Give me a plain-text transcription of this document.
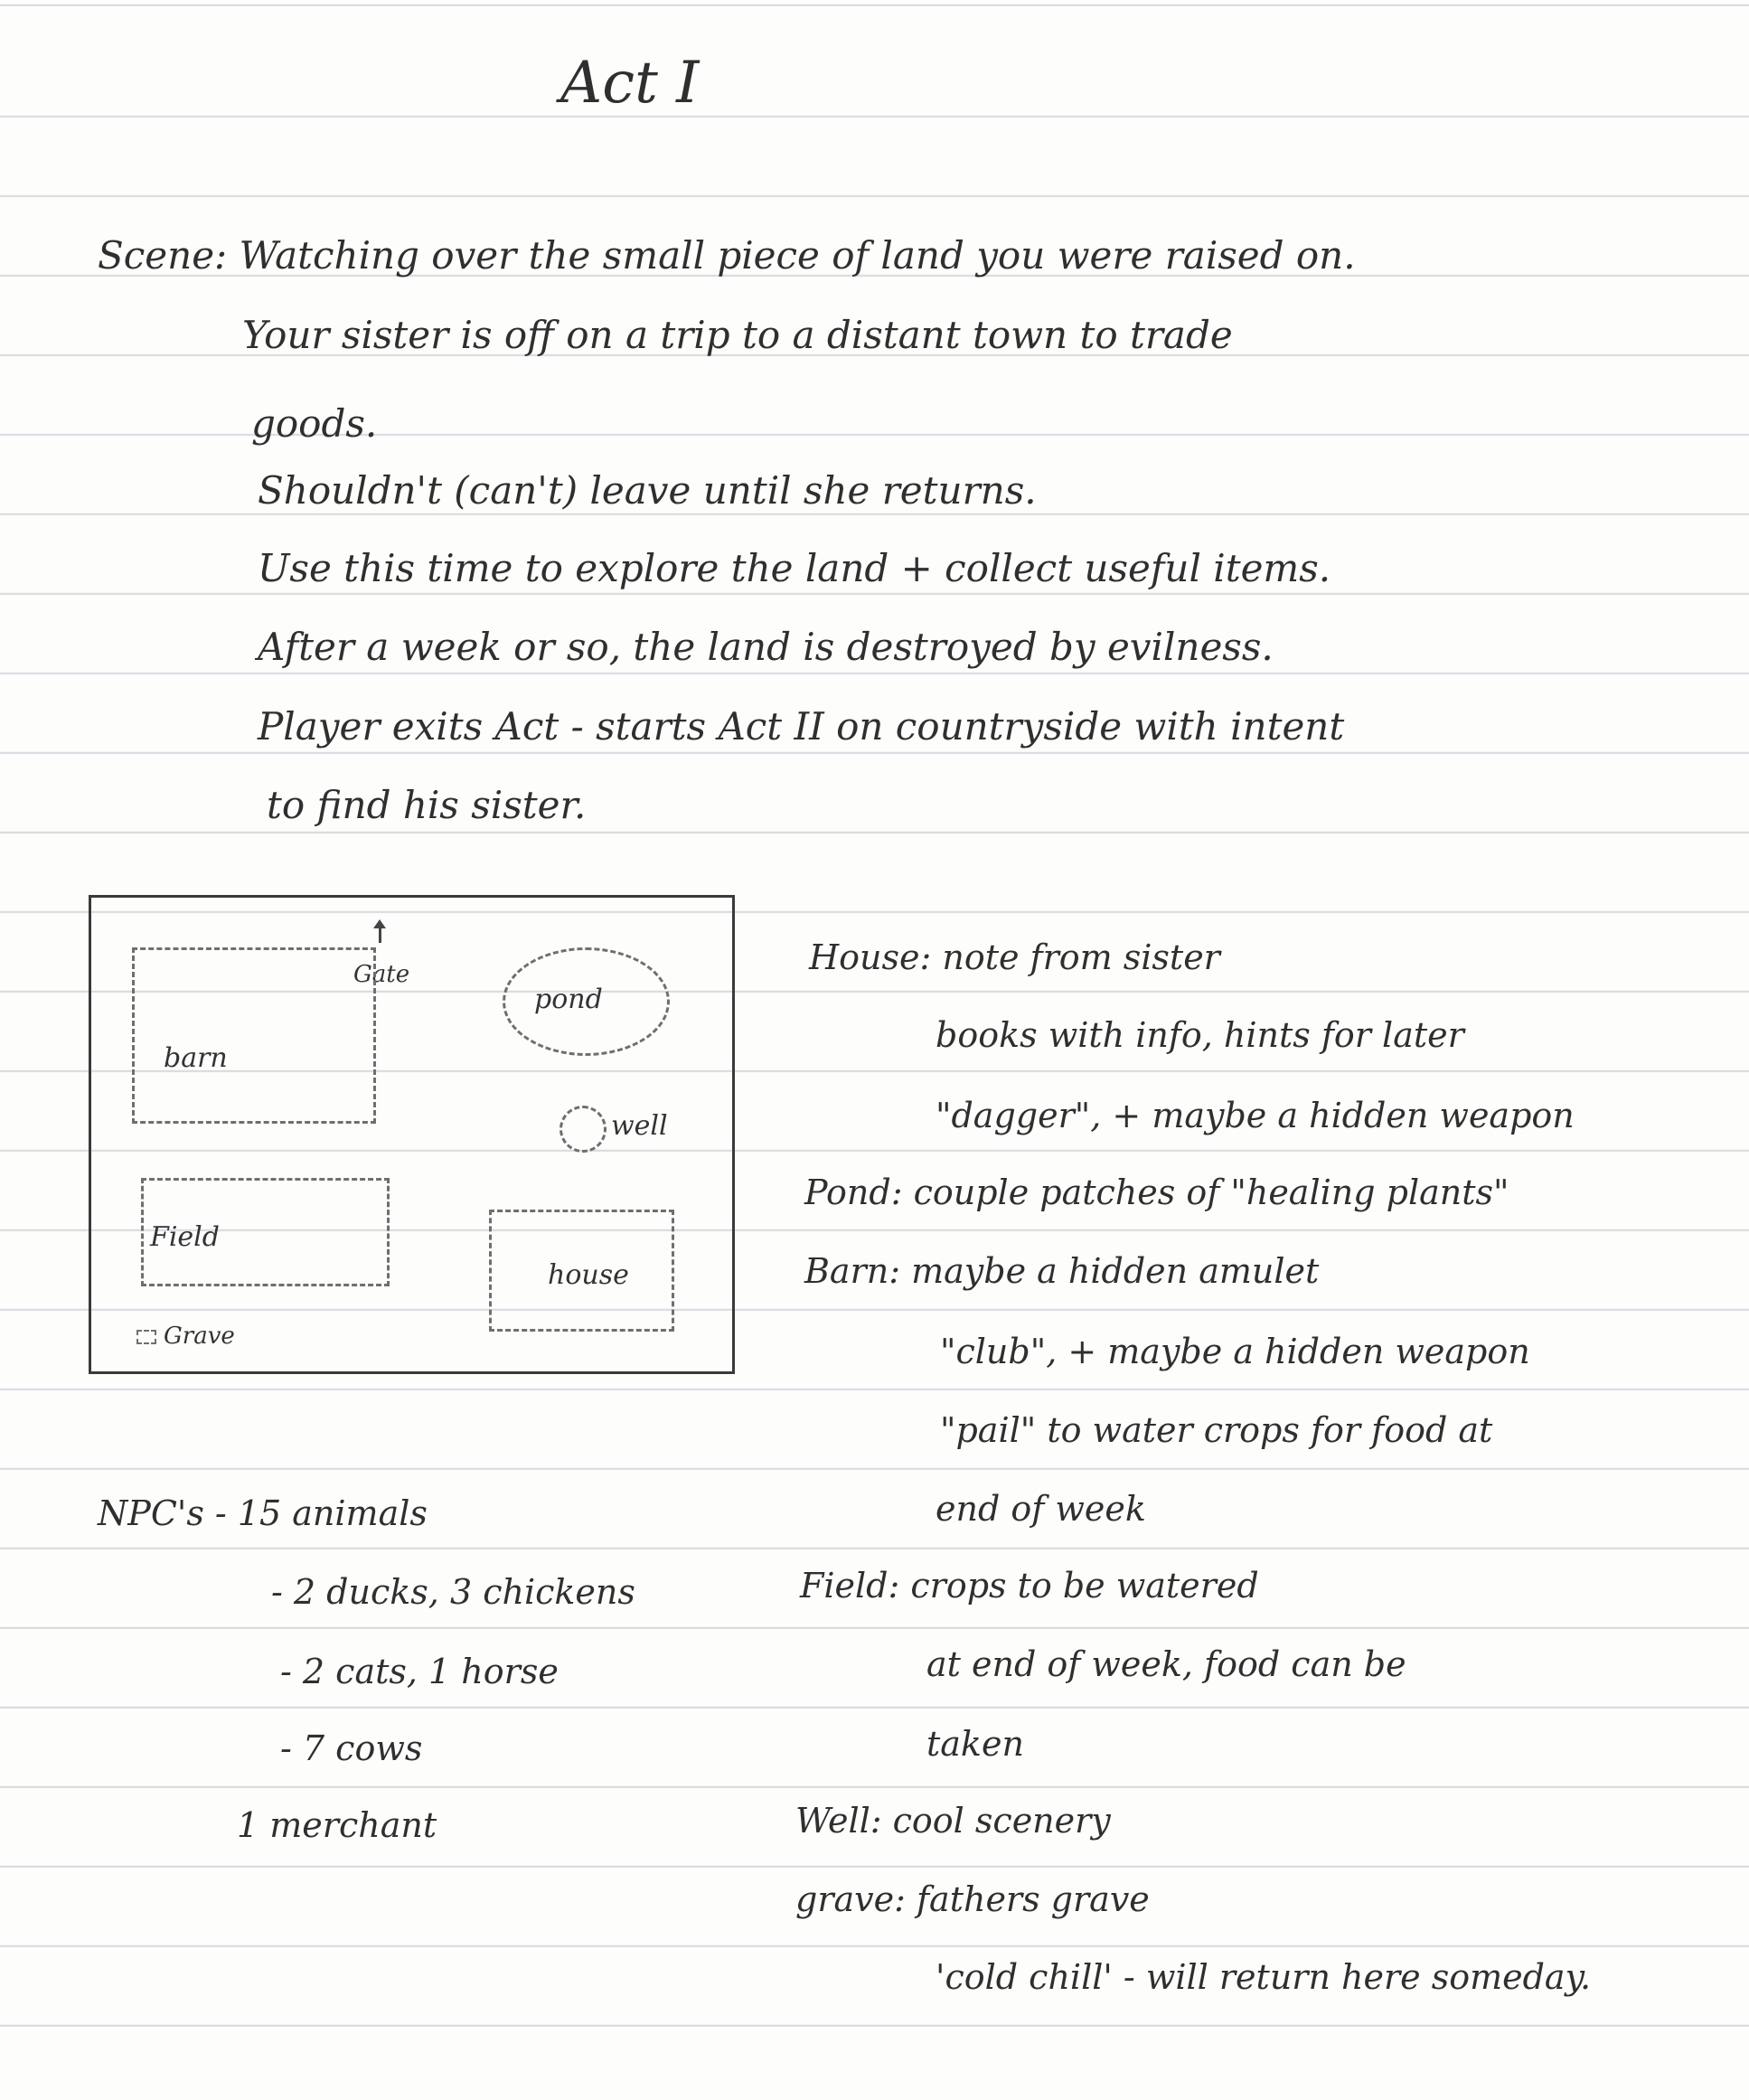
Act I
Scene: Watching over the small piece of land you were raised on.
Your sister is off on a trip to a distant town to trade
goods.
Shouldn't (can't) leave until she returns.
Use this time to explore the land + collect useful items.
After a week or so, the land is destroyed by evilness.
Player exits Act - starts Act II on countryside with intent
to find his sister.
Gate
barn
pond
well
Field
house
Grave
House: note from sister
books with info, hints for later
"dagger", + maybe a hidden weapon
Pond: couple patches of "healing plants"
Barn: maybe a hidden amulet
"club", + maybe a hidden weapon
"pail" to water crops for food at
end of week
Field: crops to be watered
at end of week, food can be
taken
Well: cool scenery
grave: fathers grave
'cold chill' - will return here someday.
NPC's - 15 animals
- 2 ducks, 3 chickens
- 2 cats, 1 horse
- 7 cows
1 merchant
